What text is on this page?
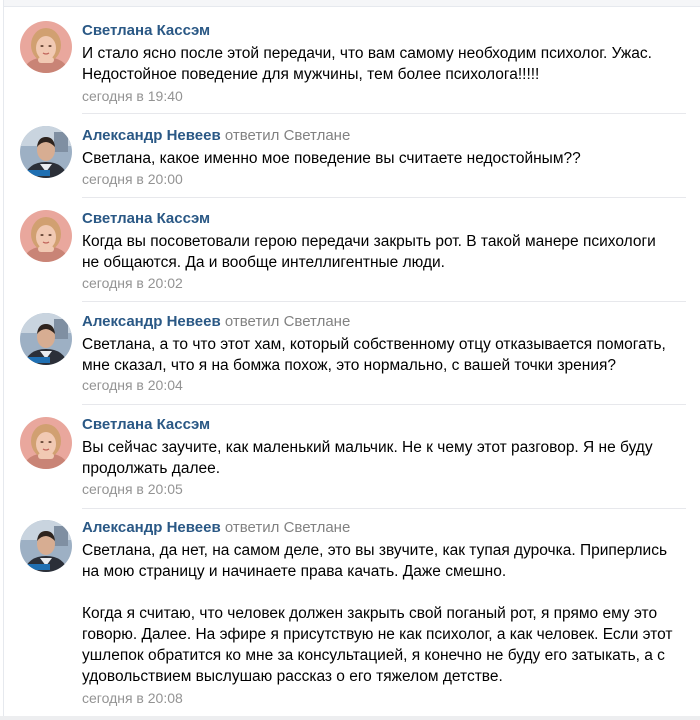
Светлана Кассэм
И стало ясно после этой передачи, что вам самому необходим психолог. Ужас.
Недостойное поведение для мужчины, тем более психолога!!!!!
сегодня в 19:40
Александр Невеев ответил Светлане
Светлана, какое именно мое поведение вы считаете недостойным??
сегодня в 20:00
Светлана Кассэм
Когда вы посоветовали герою передачи закрыть рот. В такой манере психологи
не общаются. Да и вообще интеллигентные люди.
сегодня в 20:02
Александр Невеев ответил Светлане
Светлана, а то что этот хам, который собственному отцу отказывается помогать,
мне сказал, что я на бомжа похож, это нормально, с вашей точки зрения?
сегодня в 20:04
Светлана Кассэм
Вы сейчас заучите, как маленький мальчик. Не к чему этот разговор. Я не буду
продолжать далее.
сегодня в 20:05
Александр Невеев ответил Светлане
Светлана, да нет, на самом деле, это вы звучите, как тупая дурочка. Приперлись
на мою страницу и начинаете права качать. Даже смешно.
Когда я считаю, что человек должен закрыть свой поганый рот, я прямо ему это
говорю. Далее. На эфире я присутствую не как психолог, а как человек. Если этот
ушлепок обратится ко мне за консультацией, я конечно не буду его затыкать, а с
удовольствием выслушаю рассказ о его тяжелом детстве.
сегодня в 20:08
